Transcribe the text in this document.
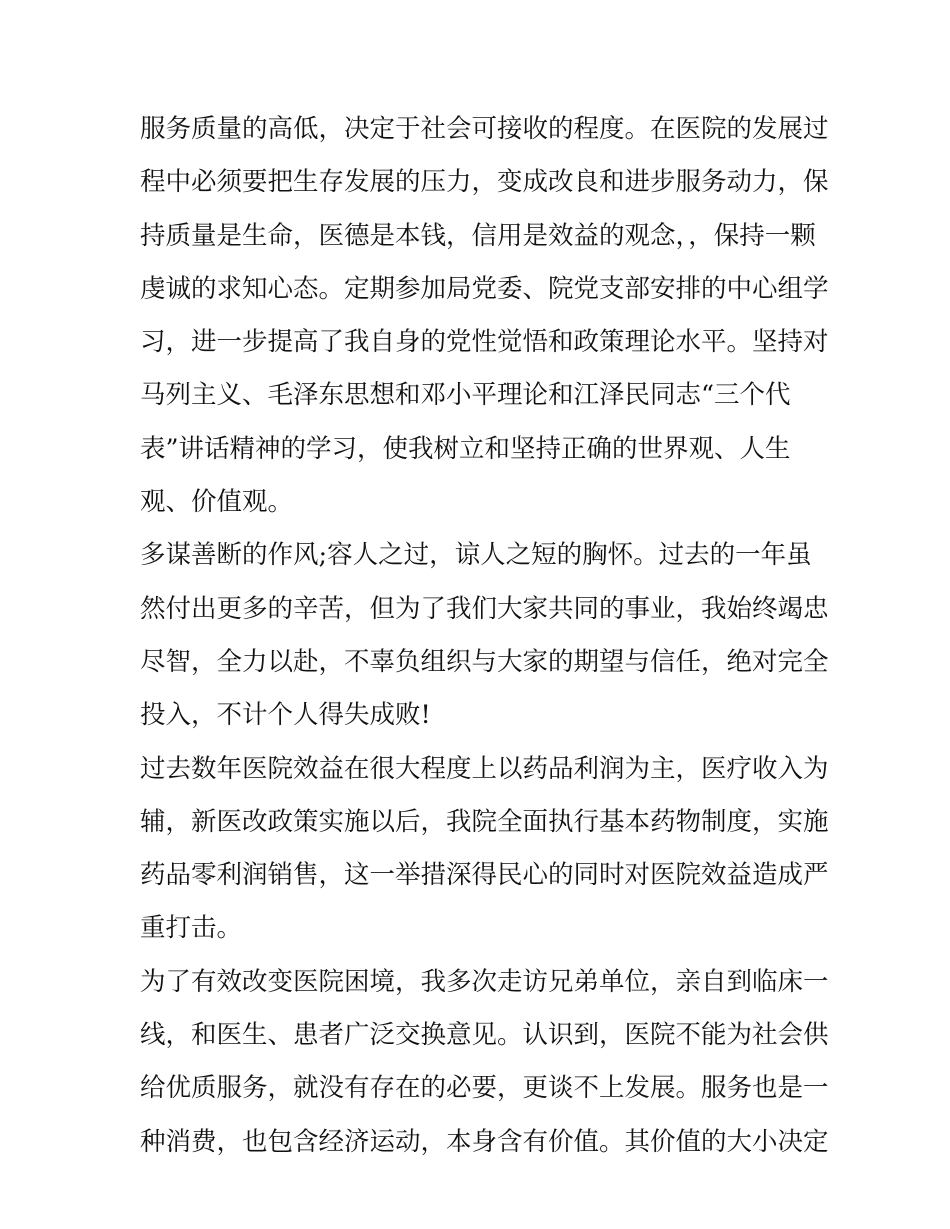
服务质量的高低，决定于社会可接收的程度。在医院的发展过
程中必须要把生存发展的压力，变成改良和进步服务动力，保
持质量是生命，医德是本钱，信用是效益的观念，，保持一颗
虔诚的求知心态。定期参加局党委、院党支部安排的中心组学
习，进一步提高了我自身的党性觉悟和政策理论水平。坚持对
马列主义、毛泽东思想和邓小平理论和江泽民同志“三个代
表”讲话精神的学习，使我树立和坚持正确的世界观、人生
观、价值观。
多谋善断的作风;容人之过，谅人之短的胸怀。过去的一年虽
然付出更多的辛苦，但为了我们大家共同的事业，我始终竭忠
尽智，全力以赴，不辜负组织与大家的期望与信任，绝对完全
投入，不计个人得失成败!
过去数年医院效益在很大程度上以药品利润为主，医疗收入为
辅，新医改政策实施以后，我院全面执行基本药物制度，实施
药品零利润销售，这一举措深得民心的同时对医院效益造成严
重打击。
为了有效改变医院困境，我多次走访兄弟单位，亲自到临床一
线，和医生、患者广泛交换意见。认识到，医院不能为社会供
给优质服务，就没有存在的必要，更谈不上发展。服务也是一
种消费，也包含经济运动，本身含有价值。其价值的大小决定
